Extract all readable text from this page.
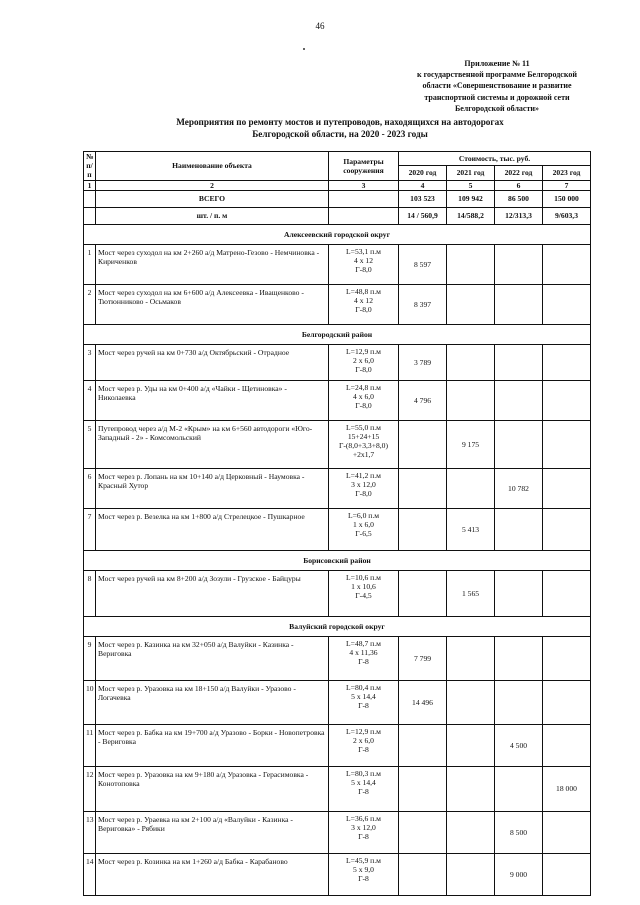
46
Приложение № 11
к государственной программе Белгородской
области «Совершенствование и развитие
транспортной системы и дорожной сети
Белгородской области»
Мероприятия по ремонту мостов и путепроводов, находящихся на автодорогах
Белгородской области, на 2020 - 2023 годы
№ п/п	Наименование объекта	Параметры сооружения	Стоимость, тыс. руб.			
			2020 год	2021 год	2022 год	2023 год
1	2	3	4	5	6	7
	ВСЕГО		103 523	109 942	86 500	150 000
	шт. / п. м		14 / 560,9	14/588,2	12/313,3	9/603,3
Алексеевский городской округ						
1	Мост через суходол на км 2+260 а/д Матрено-Гезово - Немчиновка - Кириченков	L=53,1 п.м
4 х 12
Г-8,0	8 597			
2	Мост через суходол на км 6+600 а/д Алексеевка - Иващенково - Тютюнниково - Осьмаков	L=48,8 п.м
4 х 12
Г-8,0	8 397			
Белгородский район						
3	Мост через ручей на км 0+730 а/д Октябрьский - Отрадное	L=12,9 п.м
2 х 6,0
Г-8,0	3 789			
4	Мост через р. Уды на км 0+400 а/д «Чайки - Щетиновка» - Николаевка	L=24,8 п.м
4 х 6,0
Г-8,0	4 796			
5	Путепровод через а/д М-2 «Крым» на км 6+560 автодороги «Юго-Западный - 2» - Комсомольский	L=55,0 п.м
15+24+15
Г-(8,0+3,3+8,0)
+2х1,7		9 175		
6	Мост через р. Лопань на км 10+140 а/д Церковный - Наумовка - Красный Хутор	L=41,2 п.м
3 х 12,0
Г-8,0			10 782	
7	Мост через р. Везелка на км 1+800 а/д Стрелецкое - Пушкарное	L=6,0 п.м
1 х 6,0
Г-6,5		5 413		
Борисовский район						
8	Мост через ручей на км 8+200 а/д Зозули - Грузское - Байцуры	L=10,6 п.м
1 х 10,6
Г-4,5		1 565		
Валуйский городской округ						
9	Мост через р. Казинка на км 32+050 а/д Валуйки - Казинка - Вериговка	L=48,7 п.м
4 х 11,36
Г-8	7 799			
10	Мост через р. Уразовка на км 18+150 а/д Валуйки - Уразово - Логачевка	L=80,4 п.м
5 х 14,4
Г-8	14 496			
11	Мост через р. Бабка на км 19+700 а/д Уразово - Борки - Новопетровка - Вериговка	L=12,9 п.м
2 х 6,0
Г-8			4 500	
12	Мост через р. Уразовка на км 9+180 а/д Уразовка - Герасимовка - Конотоповка	L=80,3 п.м
5 х 14,4
Г-8				18 000
13	Мост через р. Ураевка на км 2+100 а/д «Валуйки - Казинка - Вериговка» - Рябики	L=36,6 п.м
3 х 12,0
Г-8			8 500	
14	Мост через р. Козинка на км 1+260 а/д Бабка - Карабаново	L=45,9 п.м
5 х 9,0
Г-8			9 000	
